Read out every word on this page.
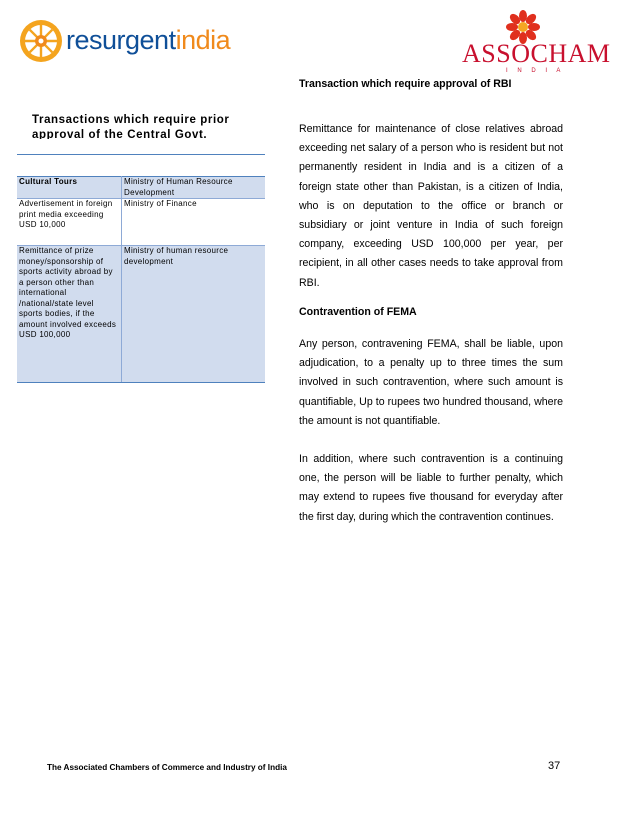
resurgentindia	ASSOCHAM
I N D I A
Transactions which require prior approval of the Central Govt.
Cultural Tours	Ministry of Human Resource Development
Advertisement in foreign print media exceeding USD 10,000	Ministry of Finance
Remittance of prize money/sponsorship of sports activity abroad by a person other than international /national/state level sports bodies, if the amount involved exceeds USD 100,000	Ministry of human resource development
Transaction which require approval of RBI
Remittance for maintenance of close relatives abroad exceeding net salary of a person who is resident but not permanently resident in India and is a citizen of a foreign state other than Pakistan, is a citizen of India, who is on deputation to the office or branch or subsidiary or joint venture in India of such foreign company, exceeding USD 100,000 per year, per recipient, in all other cases needs to take approval from RBI.
Contravention of FEMA
Any person, contravening FEMA, shall be liable, upon adjudication, to a penalty up to three times the sum involved in such contravention, where such amount is quantifiable, Up to rupees two hundred thousand, where the amount is not quantifiable.
In addition, where such contravention is a continuing one, the person will be liable to further penalty, which may extend to rupees five thousand for everyday after the first day, during which the contravention continues.
The Associated Chambers of Commerce and Industry of India	37
